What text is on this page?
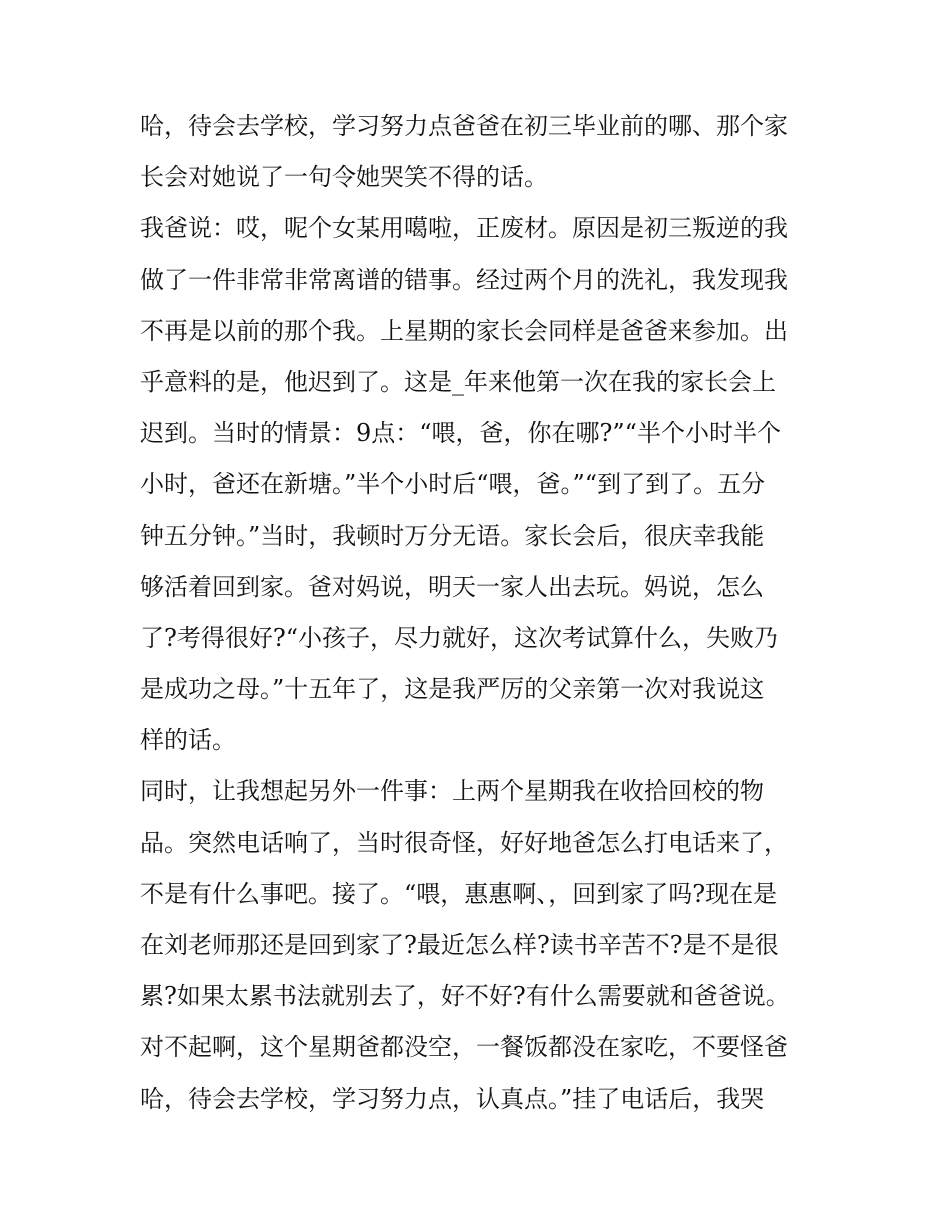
哈，待会去学校，学习努力点爸爸在初三毕业前的哪、那个家
长会对她说了一句令她哭笑不得的话。
我爸说：哎，呢个女某用噶啦，正废材。原因是初三叛逆的我
做了一件非常非常离谱的错事。经过两个月的洗礼，我发现我
不再是以前的那个我。上星期的家长会同样是爸爸来参加。出
乎意料的是，他迟到了。这是_年来他第一次在我的家长会上
迟到。当时的情景：9点：“喂，爸，你在哪?”“半个小时半个
小时，爸还在新塘。”半个小时后“喂，爸。”“到了到了。五分
钟五分钟。”当时，我顿时万分无语。家长会后，很庆幸我能
够活着回到家。爸对妈说，明天一家人出去玩。妈说，怎么
了?考得很好?“小孩子，尽力就好，这次考试算什么，失败乃
是成功之母。”十五年了，这是我严厉的父亲第一次对我说这
样的话。
同时，让我想起另外一件事：上两个星期我在收拾回校的物
品。突然电话响了，当时很奇怪，好好地爸怎么打电话来了，
不是有什么事吧。接了。“喂，惠惠啊、，回到家了吗?现在是
在刘老师那还是回到家了?最近怎么样?读书辛苦不?是不是很
累?如果太累书法就别去了，好不好?有什么需要就和爸爸说。
对不起啊，这个星期爸都没空，一餐饭都没在家吃，不要怪爸
哈，待会去学校，学习努力点，认真点。”挂了电话后，我哭
